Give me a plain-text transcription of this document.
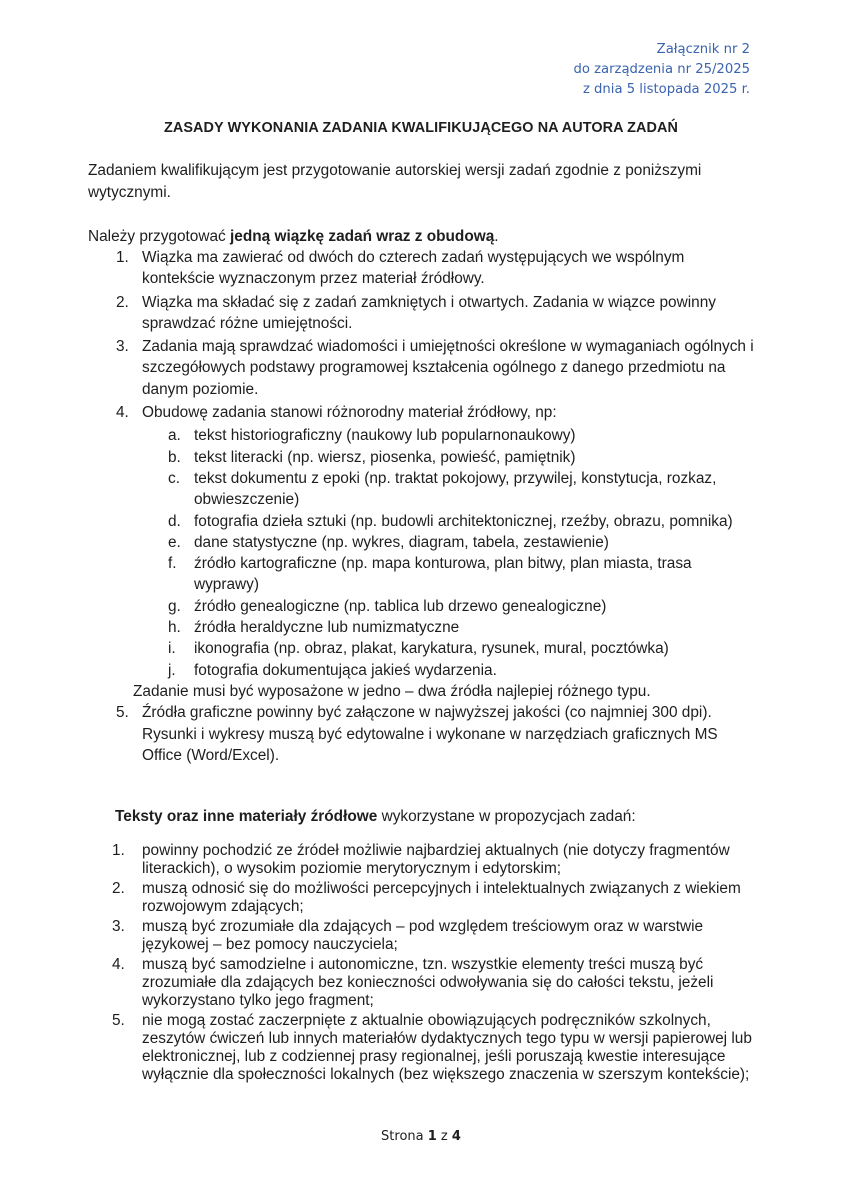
Załącznik nr 2
do zarządzenia nr 25/2025
z dnia 5 listopada 2025 r.
ZASADY WYKONANIA ZADANIA KWALIFIKUJĄCEGO NA AUTORA ZADAŃ
Zadaniem kwalifikującym jest przygotowanie autorskiej wersji zadań zgodnie z poniższymi wytycznymi.
Należy przygotować jedną wiązkę zadań wraz z obudową.
1. Wiązka ma zawierać od dwóch do czterech zadań występujących we wspólnym kontekście wyznaczonym przez materiał źródłowy.
2. Wiązka ma składać się z zadań zamkniętych i otwartych. Zadania w wiązce powinny sprawdzać różne umiejętności.
3. Zadania mają sprawdzać wiadomości i umiejętności określone w wymaganiach ogólnych i szczegółowych podstawy programowej kształcenia ogólnego z danego przedmiotu na danym poziomie.
4. Obudowę zadania stanowi różnorodny materiał źródłowy, np:
a. tekst historiograficzny (naukowy lub popularnonaukowy)
b. tekst literacki (np. wiersz, piosenka, powieść, pamiętnik)
c. tekst dokumentu z epoki (np. traktat pokojowy, przywilej, konstytucja, rozkaz, obwieszczenie)
d. fotografia dzieła sztuki (np. budowli architektonicznej, rzeźby, obrazu, pomnika)
e. dane statystyczne (np. wykres, diagram, tabela, zestawienie)
f. źródło kartograficzne (np. mapa konturowa, plan bitwy, plan miasta, trasa wyprawy)
g. źródło genealogiczne (np. tablica lub drzewo genealogiczne)
h. źródła heraldyczne lub numizmatyczne
i. ikonografia (np. obraz, plakat, karykatura, rysunek, mural, pocztówka)
j. fotografia dokumentująca jakieś wydarzenia.
Zadanie musi być wyposażone w jedno – dwa źródła najlepiej różnego typu.
5. Źródła graficzne powinny być załączone w najwyższej jakości (co najmniej 300 dpi). Rysunki i wykresy muszą być edytowalne i wykonane w narzędziach graficznych MS Office (Word/Excel).
Teksty oraz inne materiały źródłowe wykorzystane w propozycjach zadań:
1. powinny pochodzić ze źródeł możliwie najbardziej aktualnych (nie dotyczy fragmentów literackich), o wysokim poziomie merytorycznym i edytorskim;
2. muszą odnosić się do możliwości percepcyjnych i intelektualnych związanych z wiekiem rozwojowym zdających;
3. muszą być zrozumiałe dla zdających – pod względem treściowym oraz w warstwie językowej – bez pomocy nauczyciela;
4. muszą być samodzielne i autonomiczne, tzn. wszystkie elementy treści muszą być zrozumiałe dla zdających bez konieczności odwoływania się do całości tekstu, jeżeli wykorzystano tylko jego fragment;
5. nie mogą zostać zaczerpnięte z aktualnie obowiązujących podręczników szkolnych, zeszytów ćwiczeń lub innych materiałów dydaktycznych tego typu w wersji papierowej lub elektronicznej, lub z codziennej prasy regionalnej, jeśli poruszają kwestie interesujące wyłącznie dla społeczności lokalnych (bez większego znaczenia w szerszym kontekście);
Strona 1 z 4
